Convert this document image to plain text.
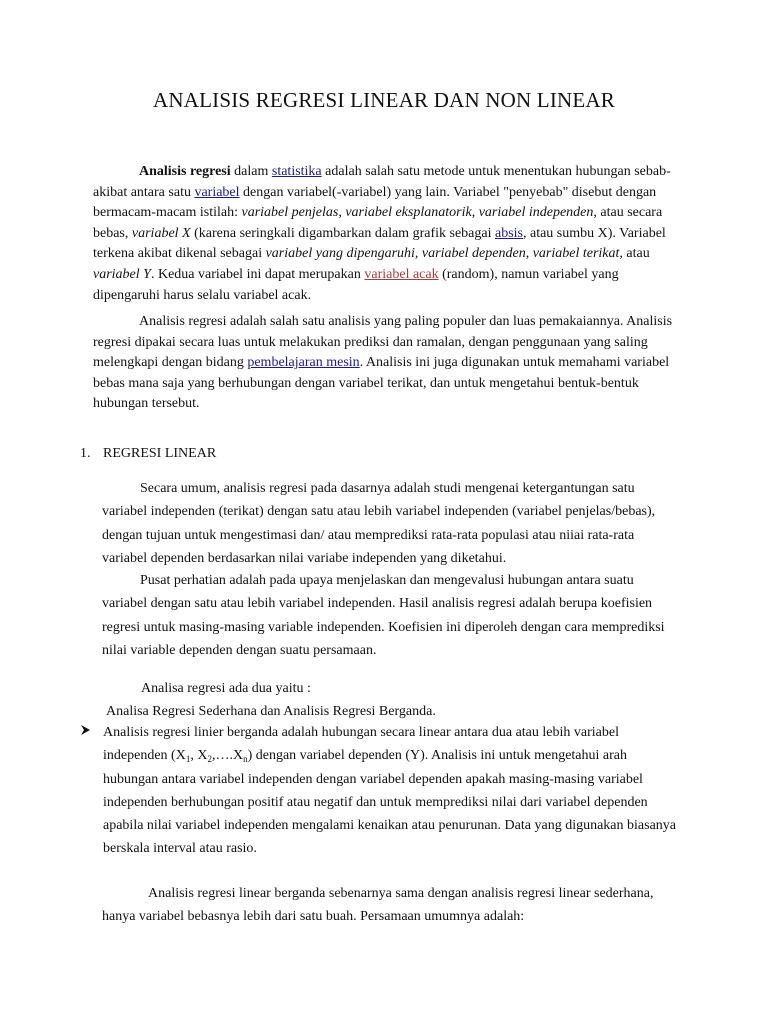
ANALISIS REGRESI LINEAR DAN NON LINEAR

Analisis regresi dalam statistika adalah salah satu metode untuk menentukan hubungan sebab-akibat antara satu variabel dengan variabel(-variabel) yang lain. Variabel "penyebab" disebut dengan bermacam-macam istilah: variabel penjelas, variabel eksplanatorik, variabel independen, atau secara bebas, variabel X (karena seringkali digambarkan dalam grafik sebagai absis, atau sumbu X). Variabel terkena akibat dikenal sebagai variabel yang dipengaruhi, variabel dependen, variabel terikat, atau variabel Y. Kedua variabel ini dapat merupakan variabel acak (random), namun variabel yang dipengaruhi harus selalu variabel acak.

Analisis regresi adalah salah satu analisis yang paling populer dan luas pemakaiannya. Analisis regresi dipakai secara luas untuk melakukan prediksi dan ramalan, dengan penggunaan yang saling melengkapi dengan bidang pembelajaran mesin. Analisis ini juga digunakan untuk memahami variabel bebas mana saja yang berhubungan dengan variabel terikat, dan untuk mengetahui bentuk-bentuk hubungan tersebut.

1. REGRESI LINEAR

Secara umum, analisis regresi pada dasarnya adalah studi mengenai ketergantungan satu variabel independen (terikat) dengan satu atau lebih variabel independen (variabel penjelas/bebas), dengan tujuan untuk mengestimasi dan/ atau memprediksi rata-rata populasi atau niiai rata-rata variabel dependen berdasarkan nilai variabe independen yang diketahui.

Pusat perhatian adalah pada upaya menjelaskan dan mengevalusi hubungan antara suatu variabel dengan satu atau lebih variabel independen. Hasil analisis regresi adalah berupa koefisien regresi untuk masing-masing variable independen. Koefisien ini diperoleh dengan cara memprediksi nilai variable dependen dengan suatu persamaan.

Analisa regresi ada dua yaitu :
Analisa Regresi Sederhana dan Analisis Regresi Berganda.

Analisis regresi linier berganda adalah hubungan secara linear antara dua atau lebih variabel independen ($X_1$, $X_2,\dots.X_n$) dengan variabel dependen (Y). Analisis ini untuk mengetahui arah hubungan antara variabel independen dengan variabel dependen apakah masing-masing variabel independen berhubungan positif atau negatif dan untuk memprediksi nilai dari variabel dependen apabila nilai variabel independen mengalami kenaikan atau penurunan. Data yang digunakan biasanya berskala interval atau rasio.

Analisis regresi linear berganda sebenarnya sama dengan analisis regresi linear sederhana, hanya variabel bebasnya lebih dari satu buah. Persamaan umumnya adalah:
